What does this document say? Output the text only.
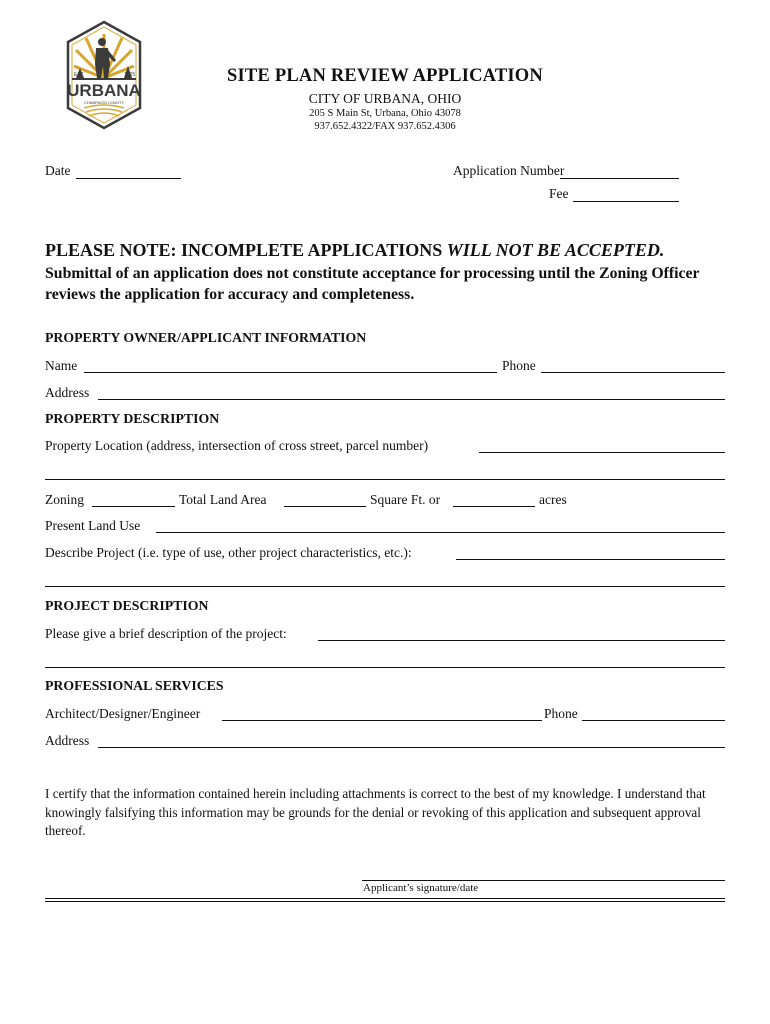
EST	1805
URBANA
CHAMPAIGN COUNTY
SITE PLAN REVIEW APPLICATION
CITY OF URBANA, OHIO
205 S Main St, Urbana, Ohio 43078
937.652.4322/FAX 937.652.4306
Date	Application Number
Fee
PLEASE NOTE: INCOMPLETE APPLICATIONS WILL NOT BE ACCEPTED.
Submittal of an application does not constitute acceptance for processing until the Zoning Officer reviews the application for accuracy and completeness.
PROPERTY OWNER/APPLICANT INFORMATION
Name	Phone
Address
PROPERTY DESCRIPTION
Property Location (address, intersection of cross street, parcel number)
Zoning	Total Land Area	Square Ft. or	acres
Present Land Use
Describe Project (i.e. type of use, other project characteristics, etc.):
PROJECT DESCRIPTION
Please give a brief description of the project:
PROFESSIONAL SERVICES
Architect/Designer/Engineer	Phone
Address
I certify that the information contained herein including attachments is correct to the best of my knowledge. I understand that knowingly falsifying this information may be grounds for the denial or revoking of this application and subsequent approval thereof.
Applicant’s signature/date
